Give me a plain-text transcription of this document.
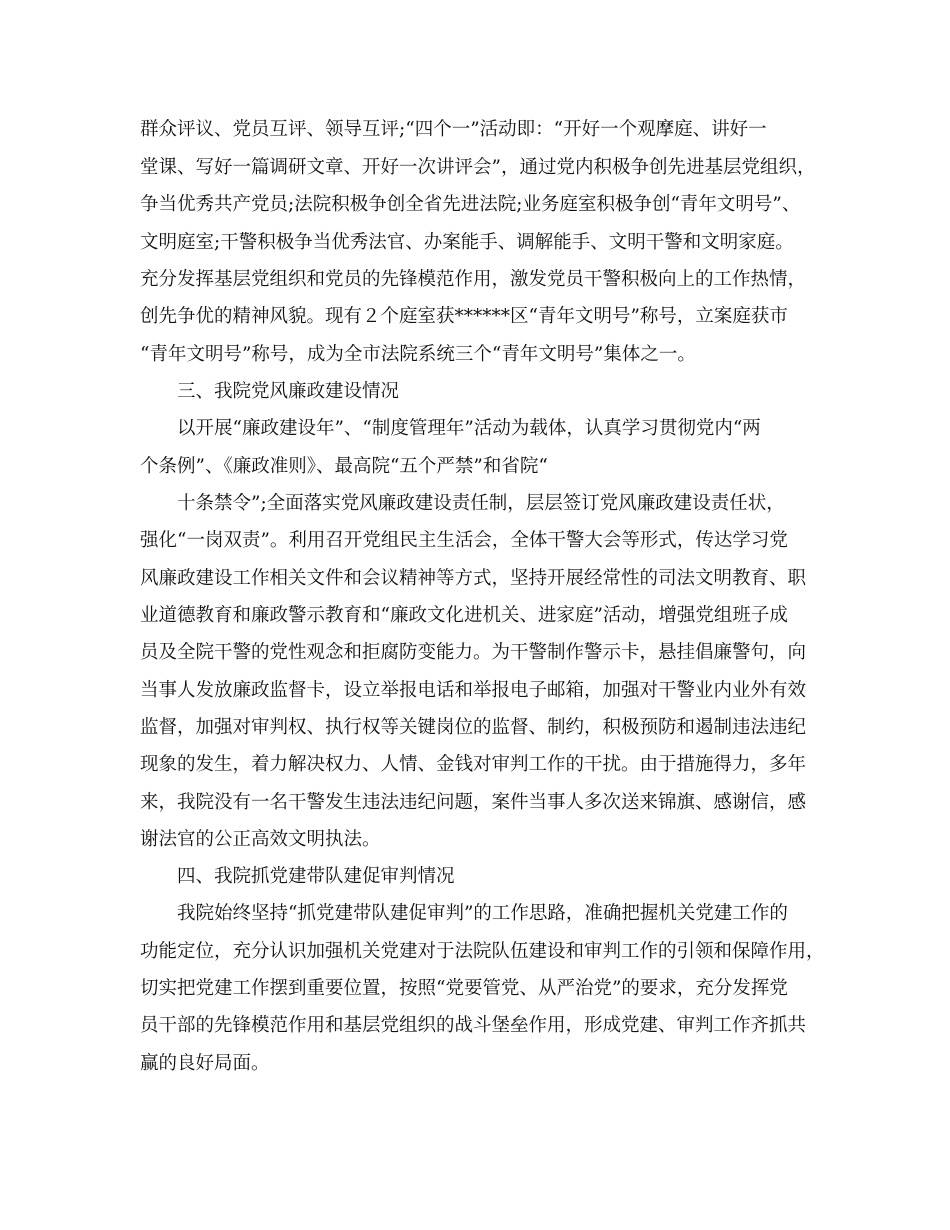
群众评议、党员互评、领导互评;“四个一”活动即：“开好一个观摩庭、讲好一
堂课、写好一篇调研文章、开好一次讲评会”，通过党内积极争创先进基层党组织，
争当优秀共产党员;法院积极争创全省先进法院;业务庭室积极争创“青年文明号”、
文明庭室;干警积极争当优秀法官、办案能手、调解能手、文明干警和文明家庭。
充分发挥基层党组织和党员的先锋模范作用，激发党员干警积极向上的工作热情，
创先争优的精神风貌。现有２个庭室获******区“青年文明号”称号，立案庭获市
“青年文明号”称号，成为全市法院系统三个“青年文明号”集体之一。
三、我院党风廉政建设情况
以开展“廉政建设年”、“制度管理年”活动为载体，认真学习贯彻党内“两
个条例”、《廉政准则》、最高院“五个严禁”和省院“
十条禁令”;全面落实党风廉政建设责任制，层层签订党风廉政建设责任状，
强化“一岗双责”。利用召开党组民主生活会，全体干警大会等形式，传达学习党
风廉政建设工作相关文件和会议精神等方式，坚持开展经常性的司法文明教育、职
业道德教育和廉政警示教育和“廉政文化进机关、进家庭”活动，增强党组班子成
员及全院干警的党性观念和拒腐防变能力。为干警制作警示卡，悬挂倡廉警句，向
当事人发放廉政监督卡，设立举报电话和举报电子邮箱，加强对干警业内业外有效
监督，加强对审判权、执行权等关键岗位的监督、制约，积极预防和遏制违法违纪
现象的发生，着力解决权力、人情、金钱对审判工作的干扰。由于措施得力，多年
来，我院没有一名干警发生违法违纪问题，案件当事人多次送来锦旗、感谢信，感
谢法官的公正高效文明执法。
四、我院抓党建带队建促审判情况
我院始终坚持“抓党建带队建促审判”的工作思路，准确把握机关党建工作的
功能定位，充分认识加强机关党建对于法院队伍建设和审判工作的引领和保障作用，
切实把党建工作摆到重要位置，按照“党要管党、从严治党”的要求，充分发挥党
员干部的先锋模范作用和基层党组织的战斗堡垒作用，形成党建、审判工作齐抓共
赢的良好局面。
